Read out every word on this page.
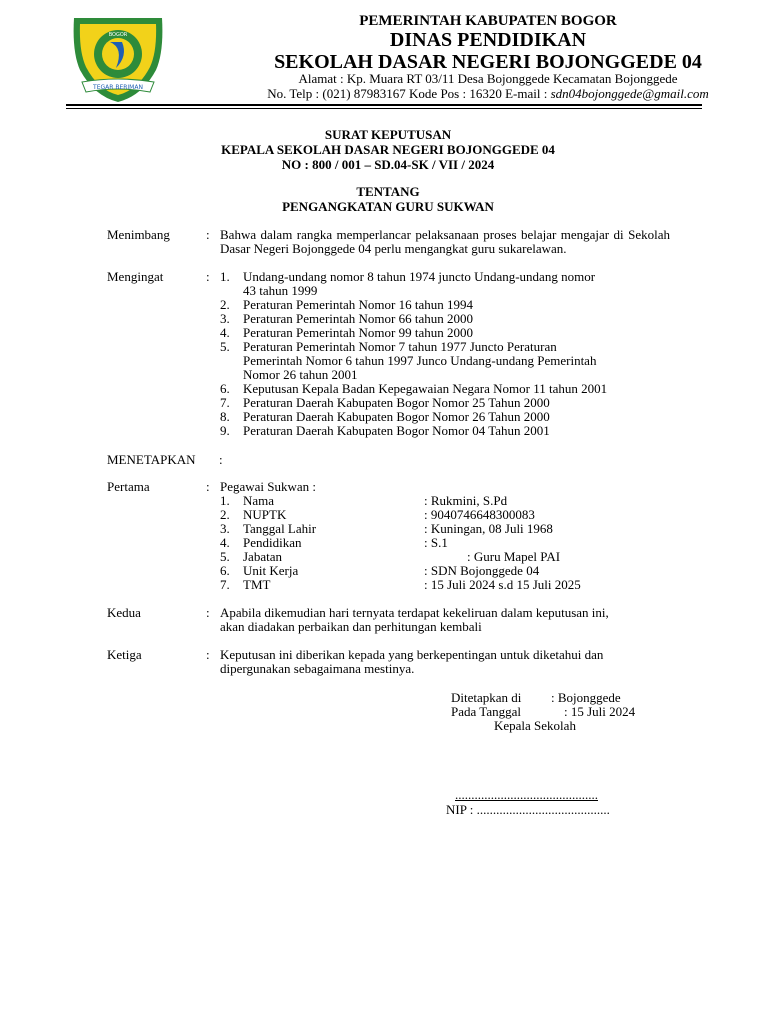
TEGAR BERIMAN
BOGOR
SAYAGA
PEMERINTAH KABUPATEN BOGOR
DINAS PENDIDIKAN
SEKOLAH DASAR NEGERI BOJONGGEDE 04
Alamat : Kp. Muara RT 03/11 Desa Bojonggede Kecamatan Bojonggede
No. Telp : (021) 87983167 Kode Pos : 16320 E-mail : sdn04bojonggede@gmail.com
SURAT KEPUTUSAN
KEPALA SEKOLAH DASAR NEGERI BOJONGGEDE 04
NO : 800 / 001 – SD.04-SK / VII / 2024
TENTANG
PENGANGKATAN GURU SUKWAN
Menimbang	: Bahwa dalam rangka memperlancar pelaksanaan proses belajar mengajar di Sekolah Dasar Negeri Bojonggede 04 perlu mengangkat guru sukarelawan.
Mengingat	: 1. Undang-undang nomor 8 tahun 1974 juncto Undang-undang nomor
43 tahun 1999
2. Peraturan Pemerintah Nomor 16 tahun 1994
3. Peraturan Pemerintah Nomor 66 tahun 2000
4. Peraturan Pemerintah Nomor 99 tahun 2000
5. Peraturan Pemerintah Nomor 7 tahun 1977 Juncto Peraturan
Pemerintah Nomor 6 tahun 1997 Junco Undang-undang Pemerintah
Nomor 26 tahun 2001
6. Keputusan Kepala Badan Kepegawaian Negara Nomor 11 tahun 2001
7. Peraturan Daerah Kabupaten Bogor Nomor 25 Tahun 2000
8. Peraturan Daerah Kabupaten Bogor Nomor 26 Tahun 2000
9. Peraturan Daerah Kabupaten Bogor Nomor 04 Tahun 2001
MENETAPKAN :
Pertama	: Pegawai Sukwan :
1. Nama	: Rukmini, S.Pd
2. NUPTK	: 9040746648300083
3. Tanggal Lahir	: Kuningan, 08 Juli 1968
4. Pendidikan	: S.1
5. Jabatan	: Guru Mapel PAI
6. Unit Kerja	: SDN Bojonggede 04
7. TMT	: 15 Juli 2024 s.d 15 Juli 2025
Kedua	: Apabila dikemudian hari ternyata terdapat kekeliruan dalam keputusan ini,
akan diadakan perbaikan dan perhitungan kembali
Ketiga	: Keputusan ini diberikan kepada yang berkepentingan untuk diketahui dan
dipergunakan sebagaimana mestinya.
Ditetapkan di : Bojonggede
Pada Tanggal	: 15 Juli 2024
Kepala Sekolah
............................................
NIP : .........................................
